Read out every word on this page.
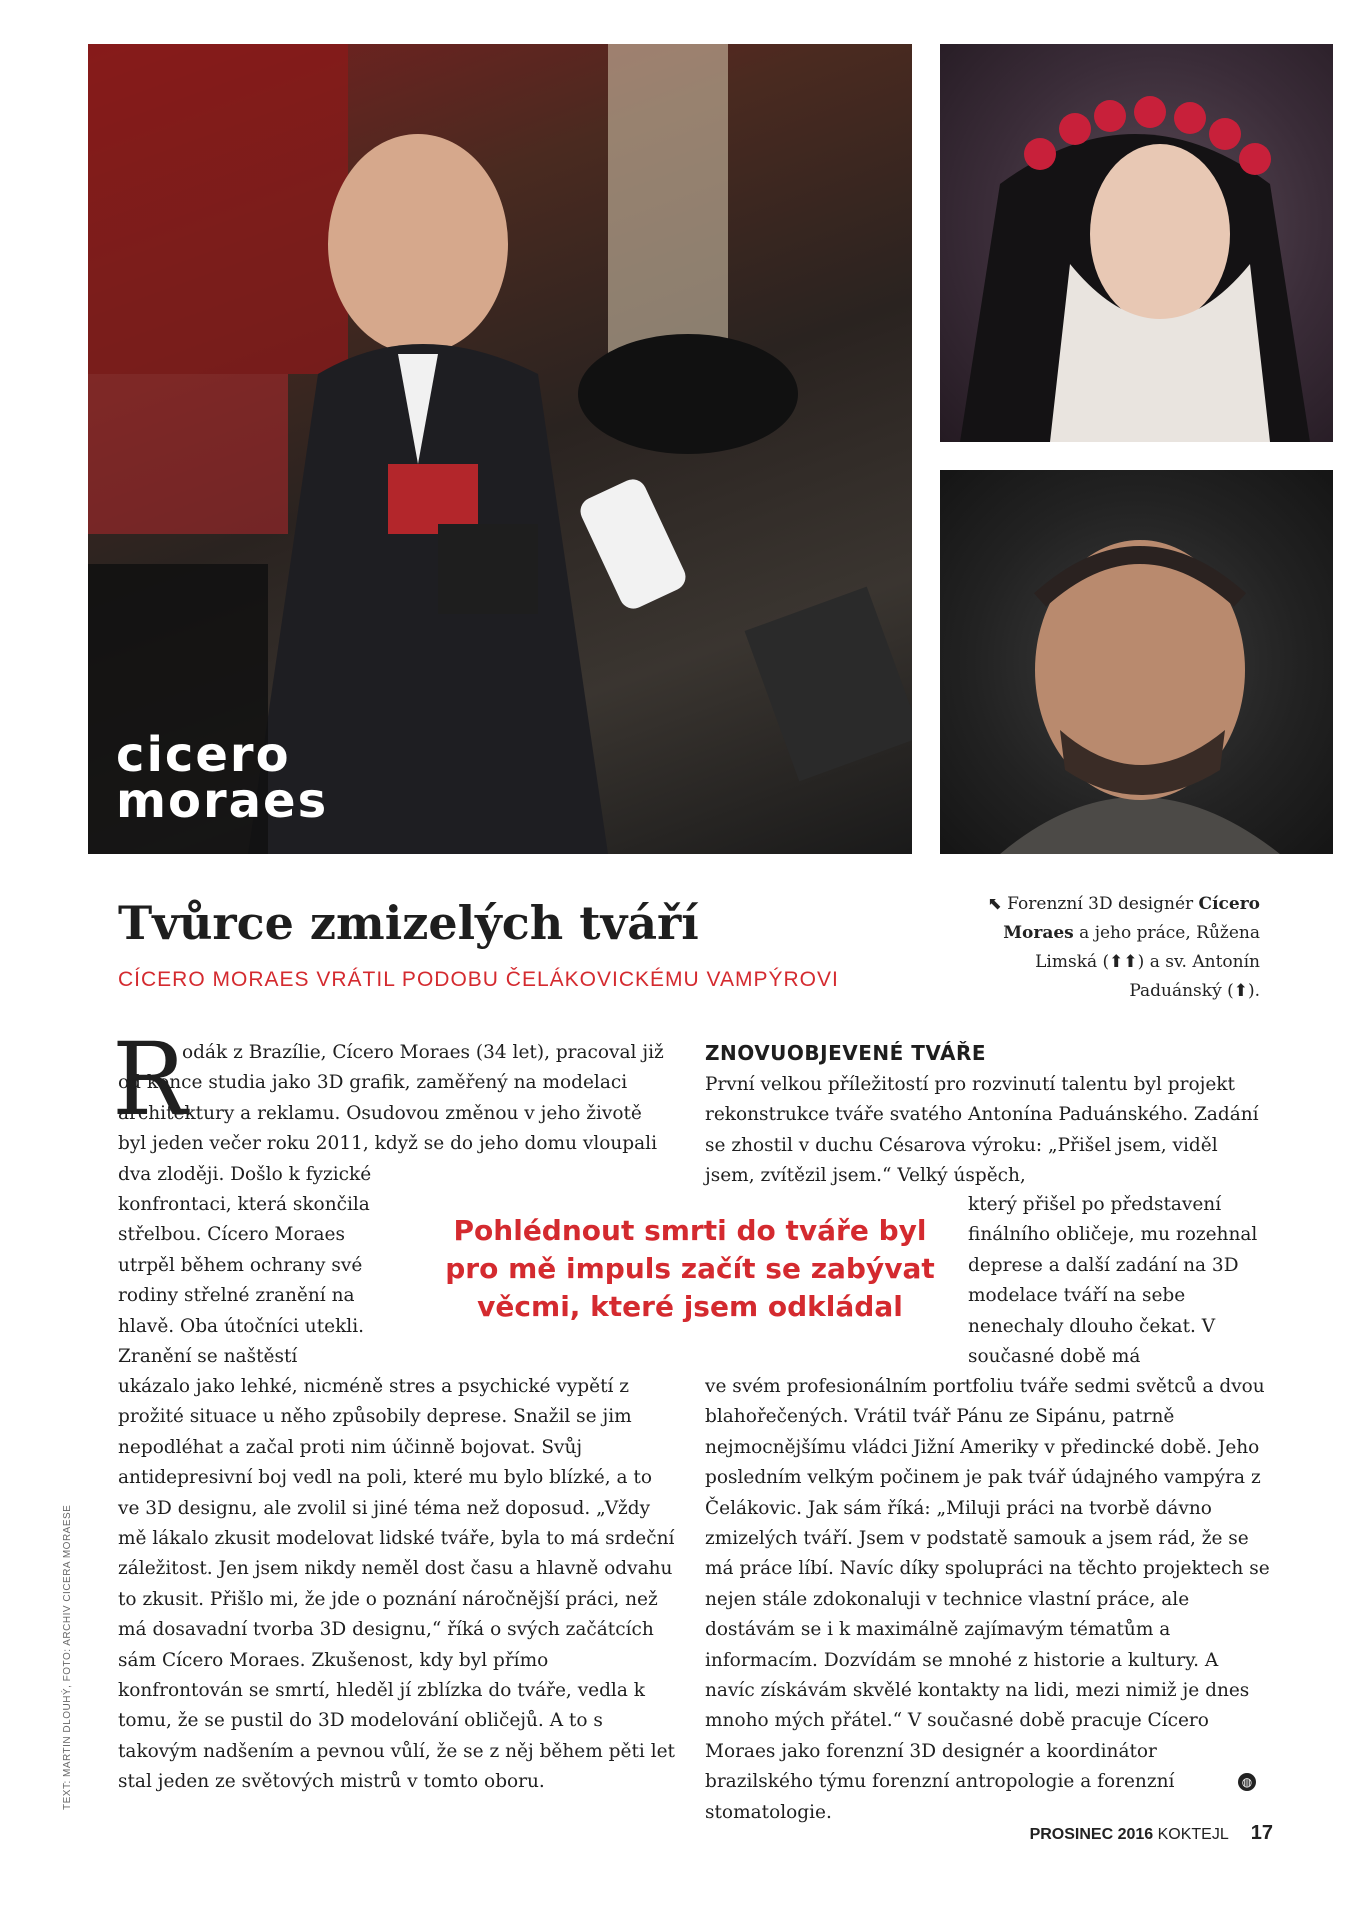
cicero
moraes
Tvůrce zmizelých tváří
CÍCERO MORAES VRÁTIL PODOBU ČELÁKOVICKÉMU VAMPÝROVI
⬉ Forenzní 3D designér Cícero Moraes a jeho práce, Růžena Limská (⬆⬆) a sv. Antonín Paduánský (⬆).
R

odák z Brazílie, Cícero Moraes (34 let), pracoval již od konce studia jako 3D grafik, zaměřený na modelaci architektury a reklamu. Osudovou změnou v jeho životě byl jeden večer roku 2011, když se do jeho domu vloupali dva zloději. Došlo k fyzické

konfrontaci, která skončila střelbou. Cícero Moraes utrpěl během ochrany své rodiny střelné zranění na hlavě. Oba útočníci utekli. Zranění se naštěstí

ukázalo jako lehké, nicméně stres a psychické vypětí z prožité situace u něho způsobily deprese. Snažil se jim nepodléhat a začal proti nim účinně bojovat. Svůj antidepresivní boj vedl na poli, které mu bylo blízké, a to ve 3D designu, ale zvolil si jiné téma než doposud. „Vždy mě lákalo zkusit modelovat lidské tváře, byla to má srdeční záležitost. Jen jsem nikdy neměl dost času a hlavně odvahu to zkusit. Přišlo mi, že jde o poznání náročnější práci, než má dosavadní tvorba 3D designu,“ říká o svých začátcích sám Cícero Moraes. Zkušenost, kdy byl přímo konfrontován se smrtí, hleděl jí zblízka do tváře, vedla k tomu, že se pustil do 3D modelování obličejů. A to s takovým nadšením a pevnou vůlí, že se z něj během pěti let stal jeden ze světových mistrů v tomto oboru.

ZNOVUOBJEVENÉ TVÁŘE

První velkou příležitostí pro rozvinutí talentu byl projekt rekonstrukce tváře svatého Antonína Paduánského. Zadání se zhostil v duchu Césarova výroku: „Přišel jsem, viděl jsem, zvítězil jsem.“ Velký úspěch,

který přišel po představení finálního obličeje, mu rozehnal deprese a další zadání na 3D modelace tváří na sebe nenechaly dlouho čekat. V současné době má

ve svém profesionálním portfoliu tváře sedmi světců a dvou blahořečených. Vrátil tvář Pánu ze Sipánu, patrně nejmocnějšímu vládci Jižní Ameriky v předincké době. Jeho posledním velkým počinem je pak tvář údajného vampýra z Čelákovic. Jak sám říká: „Miluji práci na tvorbě dávno zmizelých tváří. Jsem v podstatě samouk a jsem rád, že se má práce líbí. Navíc díky spolupráci na těchto projektech se nejen stále zdokonaluji v technice vlastní práce, ale dostávám se i k maximálně zajímavým tématům a informacím. Dozvídám se mnohé z historie a kultury. A navíc získávám skvělé kontakty na lidi, mezi nimiž je dnes mnoho mých přátel.“ V současné době pracuje Cícero Moraes jako forenzní 3D designér a koordinátor brazilského týmu forenzní antropologie a forenzní stomatologie.

Pohlédnout smrti do tváře byl pro mě impuls začít se zabývat věcmi, které jsem odkládal
TEXT: MARTIN DLOUHÝ, FOTO: ARCHIV CICERA MORAESE	◍
PROSINEC 2016 KOKTEJL 17
